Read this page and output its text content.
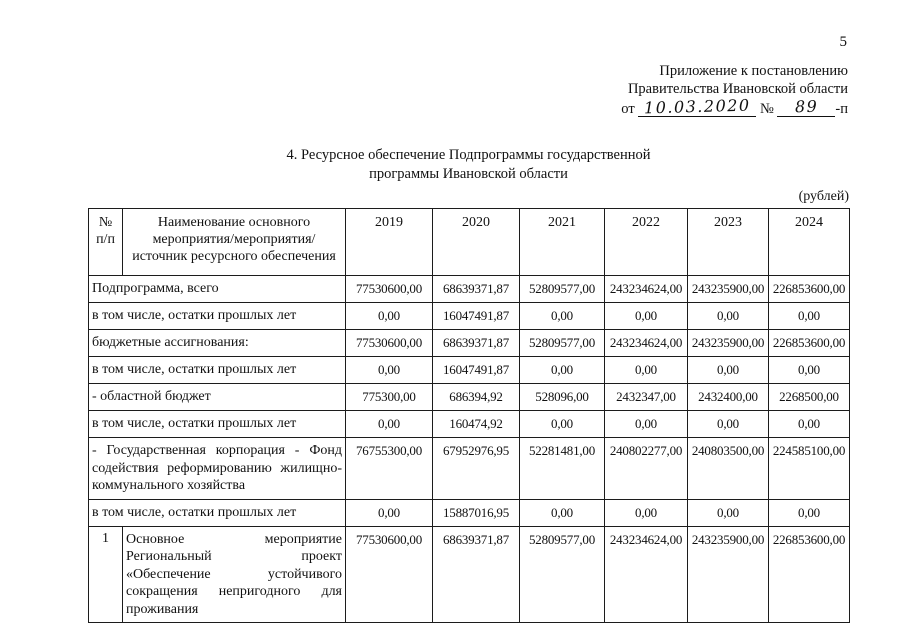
5
Приложение к постановлению
Правительства Ивановской области
от 10.03.2020 № 89 -п
4. Ресурсное обеспечение Подпрограммы государственной
программы Ивановской области
(рублей)
№ п/п	Наименование основного мероприятия/мероприятия/источник ресурсного обеспечения	2019	2020	2021	2022	2023	2024
Подпрограмма, всего		77530600,00	68639371,87	52809577,00	243234624,00	243235900,00	226853600,00
в том числе, остатки прошлых лет		0,00	16047491,87	0,00	0,00	0,00	0,00
бюджетные ассигнования:		77530600,00	68639371,87	52809577,00	243234624,00	243235900,00	226853600,00
в том числе, остатки прошлых лет		0,00	16047491,87	0,00	0,00	0,00	0,00
- областной бюджет		775300,00	686394,92	528096,00	2432347,00	2432400,00	2268500,00
в том числе, остатки прошлых лет		0,00	160474,92	0,00	0,00	0,00	0,00
- Государственная корпорация - Фонд содействия реформированию жилищно-коммунального хозяйства		76755300,00	67952976,95	52281481,00	240802277,00	240803500,00	224585100,00
в том числе, остатки прошлых лет		0,00	15887016,95	0,00	0,00	0,00	0,00
1	Основное мероприятие Региональный проект «Обеспечение устойчивого сокращения непригодного для проживания	77530600,00	68639371,87	52809577,00	243234624,00	243235900,00	226853600,00
